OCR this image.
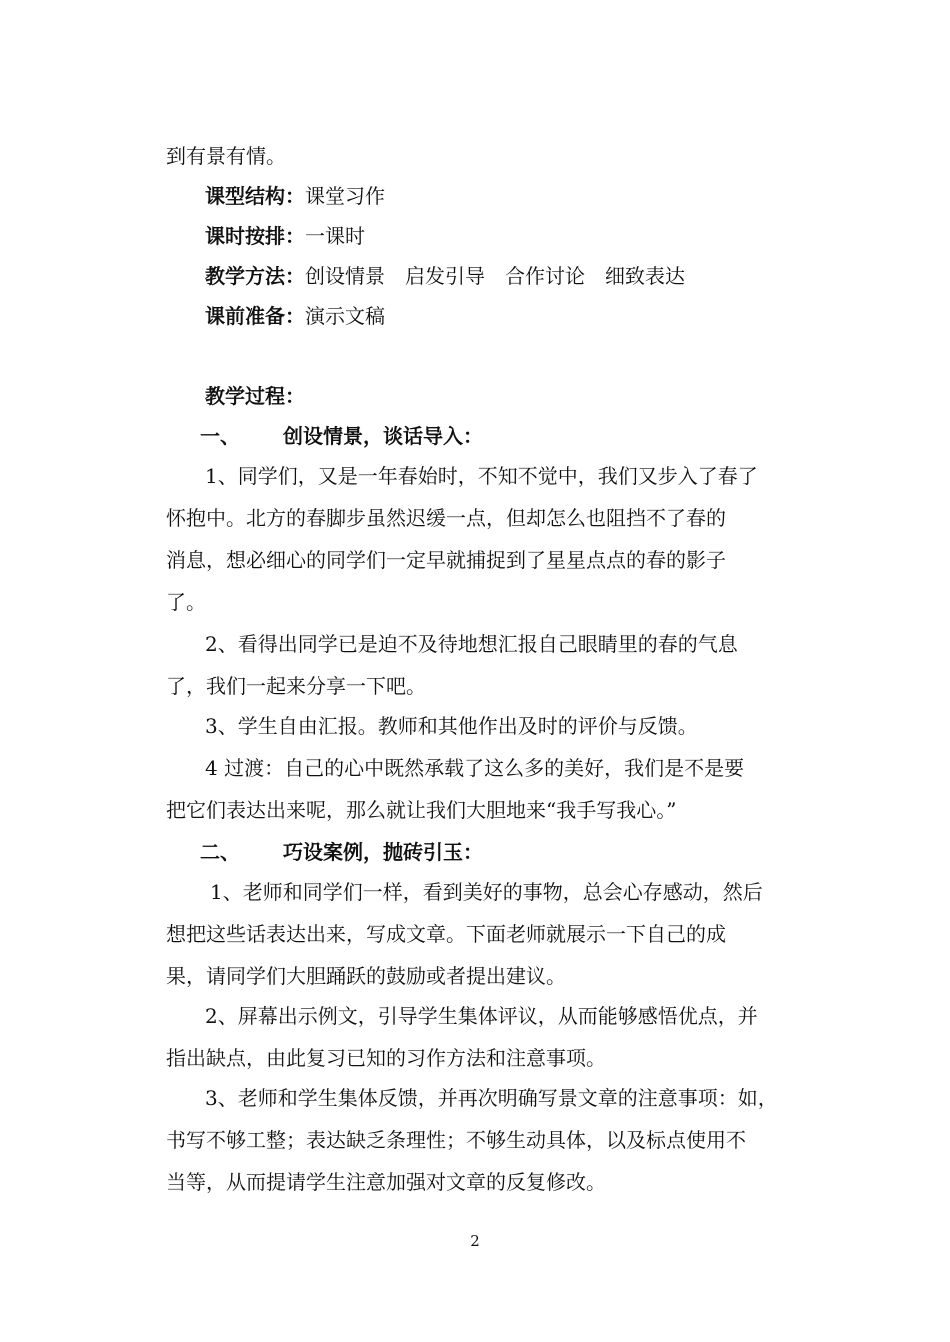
到有景有情。
课型结构：课堂习作
课时按排：一课时
教学方法：创设情景　启发引导　合作讨论　细致表达
课前准备：演示文稿
教学过程：
一、 创设情景，谈话导入：
1、同学们，又是一年春始时，不知不觉中，我们又步入了春了
怀抱中。北方的春脚步虽然迟缓一点，但却怎么也阻挡不了春的
消息，想必细心的同学们一定早就捕捉到了星星点点的春的影子
了。
2、看得出同学已是迫不及待地想汇报自己眼睛里的春的气息
了，我们一起来分享一下吧。
3、学生自由汇报。教师和其他作出及时的评价与反馈。
4 过渡：自己的心中既然承载了这么多的美好，我们是不是要
把它们表达出来呢，那么就让我们大胆地来“我手写我心。”
二、 巧设案例，抛砖引玉：
1、老师和同学们一样，看到美好的事物，总会心存感动，然后
想把这些话表达出来，写成文章。下面老师就展示一下自己的成
果，请同学们大胆踊跃的鼓励或者提出建议。
2、屏幕出示例文，引导学生集体评议，从而能够感悟优点，并
指出缺点，由此复习已知的习作方法和注意事项。
3、老师和学生集体反馈，并再次明确写景文章的注意事项：如，
书写不够工整；表达缺乏条理性；不够生动具体，以及标点使用不
当等，从而提请学生注意加强对文章的反复修改。
2
